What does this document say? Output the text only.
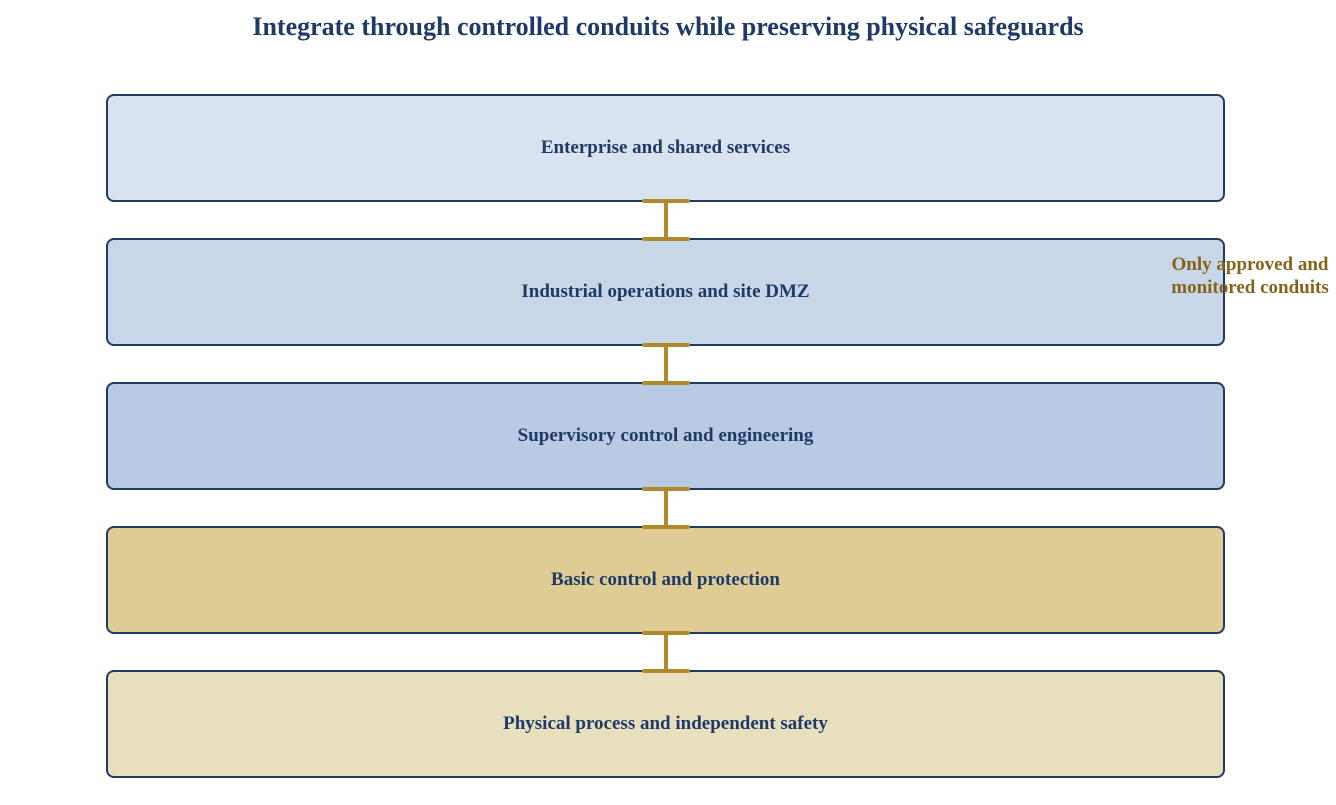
Integrate through controlled conduits while preserving physical safeguards
Enterprise and shared services
Industrial operations and site DMZ
Supervisory control and engineering
Basic control and protection
Physical process and independent safety
Only approved and monitored conduits
